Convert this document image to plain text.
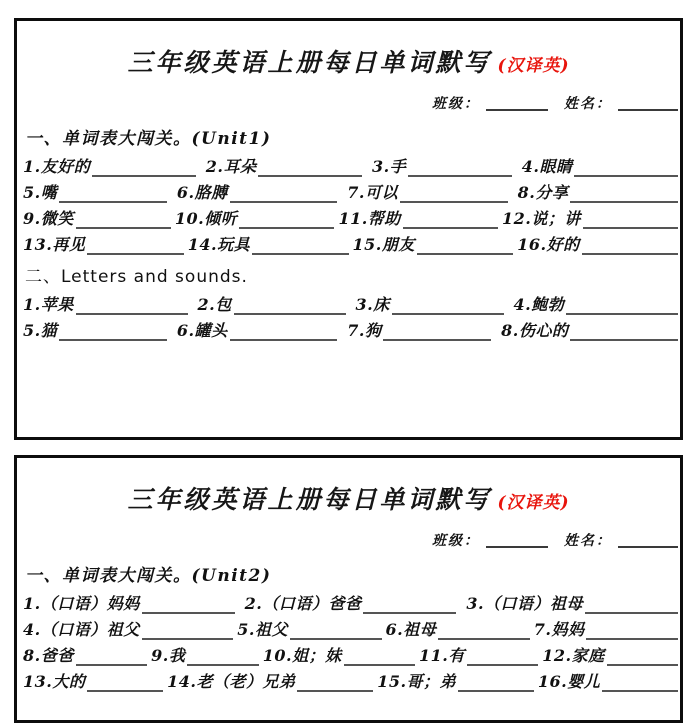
三年级英语上册每日单词默写 (汉译英)
班级：	姓名：
一、单词表大闯关。(Unit1)
1.友好的	2.耳朵	3.手	4.眼睛
5.嘴	6.胳膊	7.可以	8.分享
9.微笑	10.倾听	11.帮助	12.说；讲
13.再见	14.玩具	15.朋友	16.好的
二、Letters and sounds.
1.苹果	2.包	3.床	4.鲍勃
5.猫	6.罐头	7.狗	8.伤心的
三年级英语上册每日单词默写 (汉译英)
班级：	姓名：
一、单词表大闯关。(Unit2)
1.（口语）妈妈	2.（口语）爸爸	3.（口语）祖母
4.（口语）祖父	5.祖父	6.祖母	7.妈妈
8.爸爸	9.我	10.姐；妹	11.有	12.家庭
13.大的	14.老（老）兄弟	15.哥；弟	16.婴儿
